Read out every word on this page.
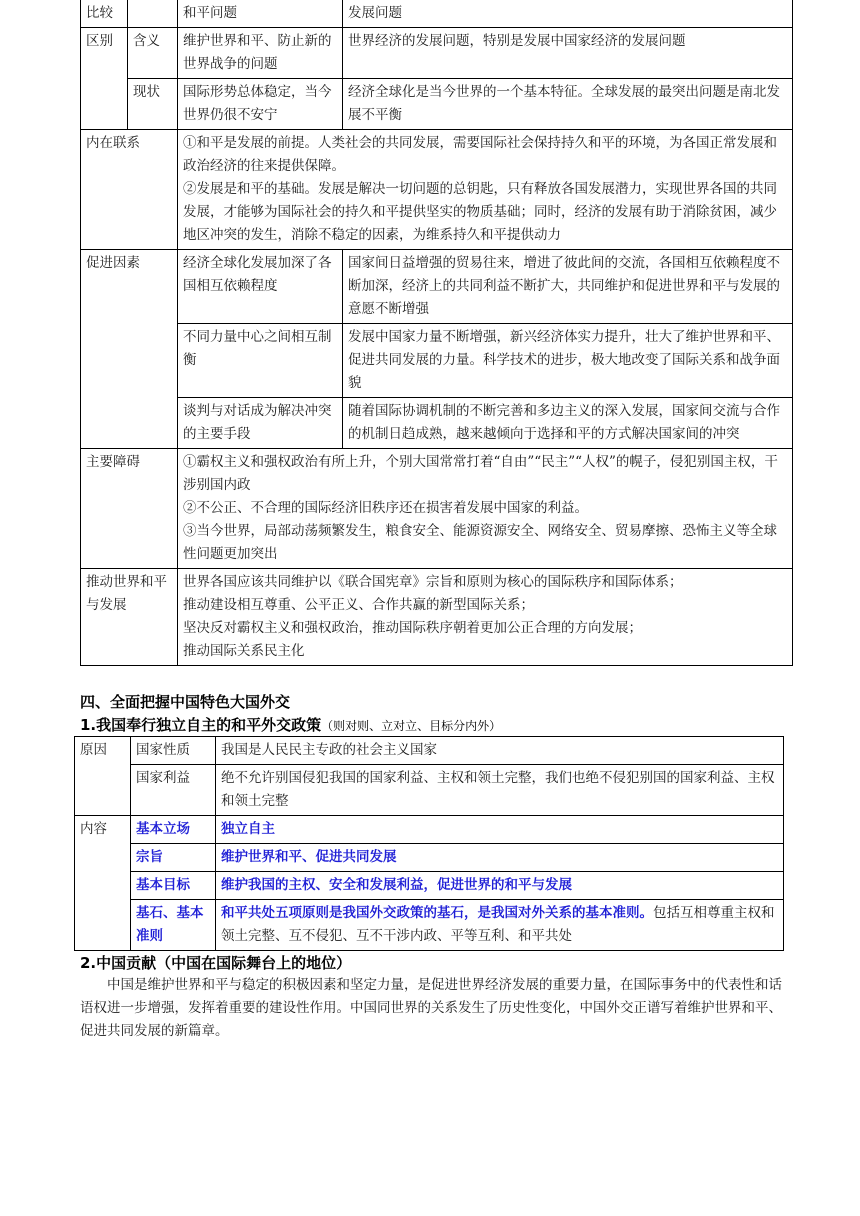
比较		和平问题	发展问题
区别	含义	维护世界和平、防止新的世界战争的问题	世界经济的发展问题，特别是发展中国家经济的发展问题
	现状	国际形势总体稳定，当今世界仍很不安宁	经济全球化是当今世界的一个基本特征。全球发展的最突出问题是南北发展不平衡
内在联系		①和平是发展的前提。人类社会的共同发展，需要国际社会保持持久和平的环境，为各国正常发展和政治经济的往来提供保障。
②发展是和平的基础。发展是解决一切问题的总钥匙，只有释放各国发展潜力，实现世界各国的共同发展，才能够为国际社会的持久和平提供坚实的物质基础；同时，经济的发展有助于消除贫困，减少地区冲突的发生，消除不稳定的因素，为维系持久和平提供动力	

促进因素		经济全球化发展加深了各国相互依赖程度	国家间日益增强的贸易往来，增进了彼此间的交流，各国相互依赖程度不断加深，经济上的共同利益不断扩大，共同维护和促进世界和平与发展的意愿不断增强
		不同力量中心之间相互制衡	发展中国家力量不断增强，新兴经济体实力提升，壮大了维护世界和平、促进共同发展的力量。科学技术的进步，极大地改变了国际关系和战争面貌
		谈判与对话成为解决冲突的主要手段	随着国际协调机制的不断完善和多边主义的深入发展，国家间交流与合作的机制日趋成熟，越来越倾向于选择和平的方式解决国家间的冲突
主要障碍		①霸权主义和强权政治有所上升，个别大国常常打着“自由”“民主”“人权”的幌子，侵犯别国主权，干涉别国内政
②不公正、不合理的国际经济旧秩序还在损害着发展中国家的利益。
③当今世界，局部动荡频繁发生，粮食安全、能源资源安全、网络安全、贸易摩擦、恐怖主义等全球性问题更加突出	

推动世界和平与发展		世界各国应该共同维护以《联合国宪章》宗旨和原则为核心的国际秩序和国际体系；
推动建设相互尊重、公平正义、合作共赢的新型国际关系；
坚决反对霸权主义和强权政治，推动国际秩序朝着更加公正合理的方向发展；
推动国际关系民主化	
四、全面把握中国特色大国外交
1.我国奉行独立自主的和平外交政策（则对则、立对立、目标分内外）
原因	国家性质	我国是人民民主专政的社会主义国家
	国家利益	绝不允许别国侵犯我国的国家利益、主权和领土完整，我们也绝不侵犯别国的国家利益、主权和领土完整
内容	基本立场	独立自主
	宗旨	维护世界和平、促进共同发展
	基本目标	维护我国的主权、安全和发展利益，促进世界的和平与发展
	基石、基本准则	和平共处五项原则是我国外交政策的基石，是我国对外关系的基本准则。包括互相尊重主权和领土完整、互不侵犯、互不干涉内政、平等互利、和平共处
2.中国贡献（中国在国际舞台上的地位）
中国是维护世界和平与稳定的积极因素和坚定力量，是促进世界经济发展的重要力量，在国际事务中的代表性和话语权进一步增强，发挥着重要的建设性作用。中国同世界的关系发生了历史性变化，中国外交正谱写着维护世界和平、促进共同发展的新篇章。
